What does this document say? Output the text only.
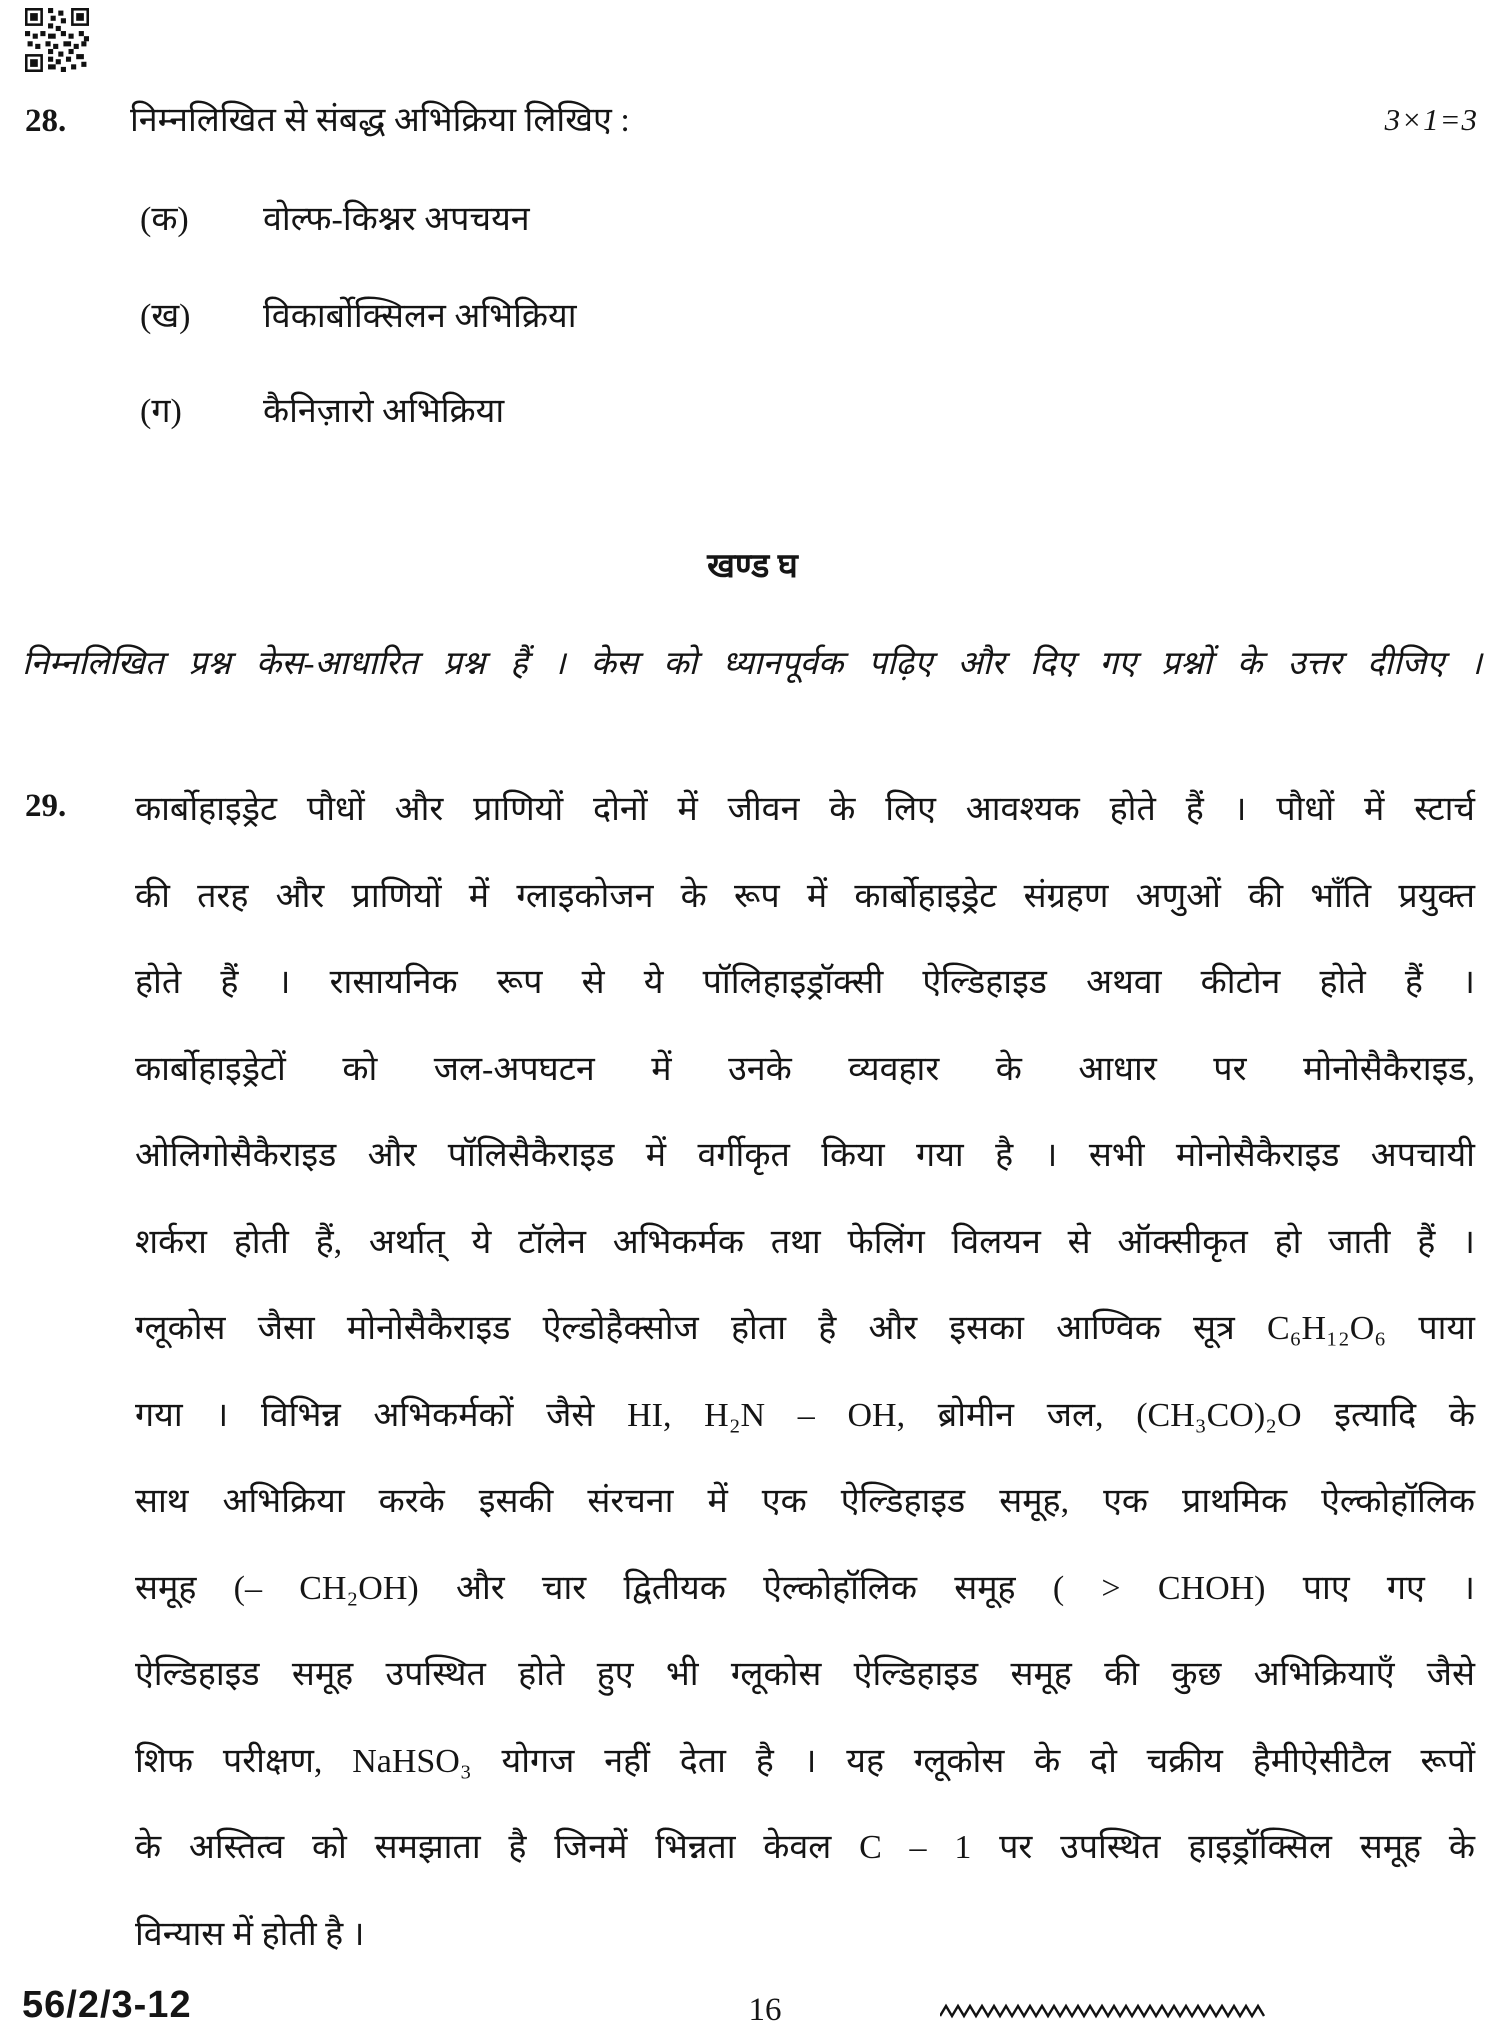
28. निम्नलिखित से संबद्ध अभिक्रिया लिखिए :	3×1=3
(क) वोल्फ-किश्नर अपचयन
(ख) विकार्बोक्सिलन अभिक्रिया
(ग) कैनिज़ारो अभिक्रिया
खण्ड घ
निम्नलिखित प्रश्न केस-आधारित प्रश्न हैं । केस को ध्यानपूर्वक पढ़िए और दिए गए प्रश्नों के उत्तर दीजिए ।
29. कार्बोहाइड्रेट पौधों और प्राणियों दोनों में जीवन के लिए आवश्यक होते हैं । पौधों में स्टार्च
की तरह और प्राणियों में ग्लाइकोजन के रूप में कार्बोहाइड्रेट संग्रहण अणुओं की भाँति प्रयुक्त
होते हैं । रासायनिक रूप से ये पॉलिहाइड्रॉक्सी ऐल्डिहाइड अथवा कीटोन होते हैं ।
कार्बोहाइड्रेटों को जल-अपघटन में उनके व्यवहार के आधार पर मोनोसैकैराइड,
ओलिगोसैकैराइड और पॉलिसैकैराइड में वर्गीकृत किया गया है । सभी मोनोसैकैराइड अपचायी
शर्करा होती हैं, अर्थात् ये टॉलेन अभिकर्मक तथा फेलिंग विलयन से ऑक्सीकृत हो जाती हैं ।
ग्लूकोस जैसा मोनोसैकैराइड ऐल्डोहैक्सोज होता है और इसका आण्विक सूत्र C₆H₁₂O₆ पाया
गया । विभिन्न अभिकर्मकों जैसे HI, H₂N – OH, ब्रोमीन जल, (CH₃CO)₂O इत्यादि के
साथ अभिक्रिया करके इसकी संरचना में एक ऐल्डिहाइड समूह, एक प्राथमिक ऐल्कोहॉलिक
समूह (– CH₂OH) और चार द्वितीयक ऐल्कोहॉलिक समूह ( > CHOH) पाए गए ।
ऐल्डिहाइड समूह उपस्थित होते हुए भी ग्लूकोस ऐल्डिहाइड समूह की कुछ अभिक्रियाएँ जैसे
शिफ परीक्षण, NaHSO₃ योगज नहीं देता है । यह ग्लूकोस के दो चक्रीय हैमीऐसीटैल रूपों
के अस्तित्व को समझाता है जिनमें भिन्नता केवल C – 1 पर उपस्थित हाइड्रॉक्सिल समूह के
विन्यास में होती है ।
56/2/3-12	16
